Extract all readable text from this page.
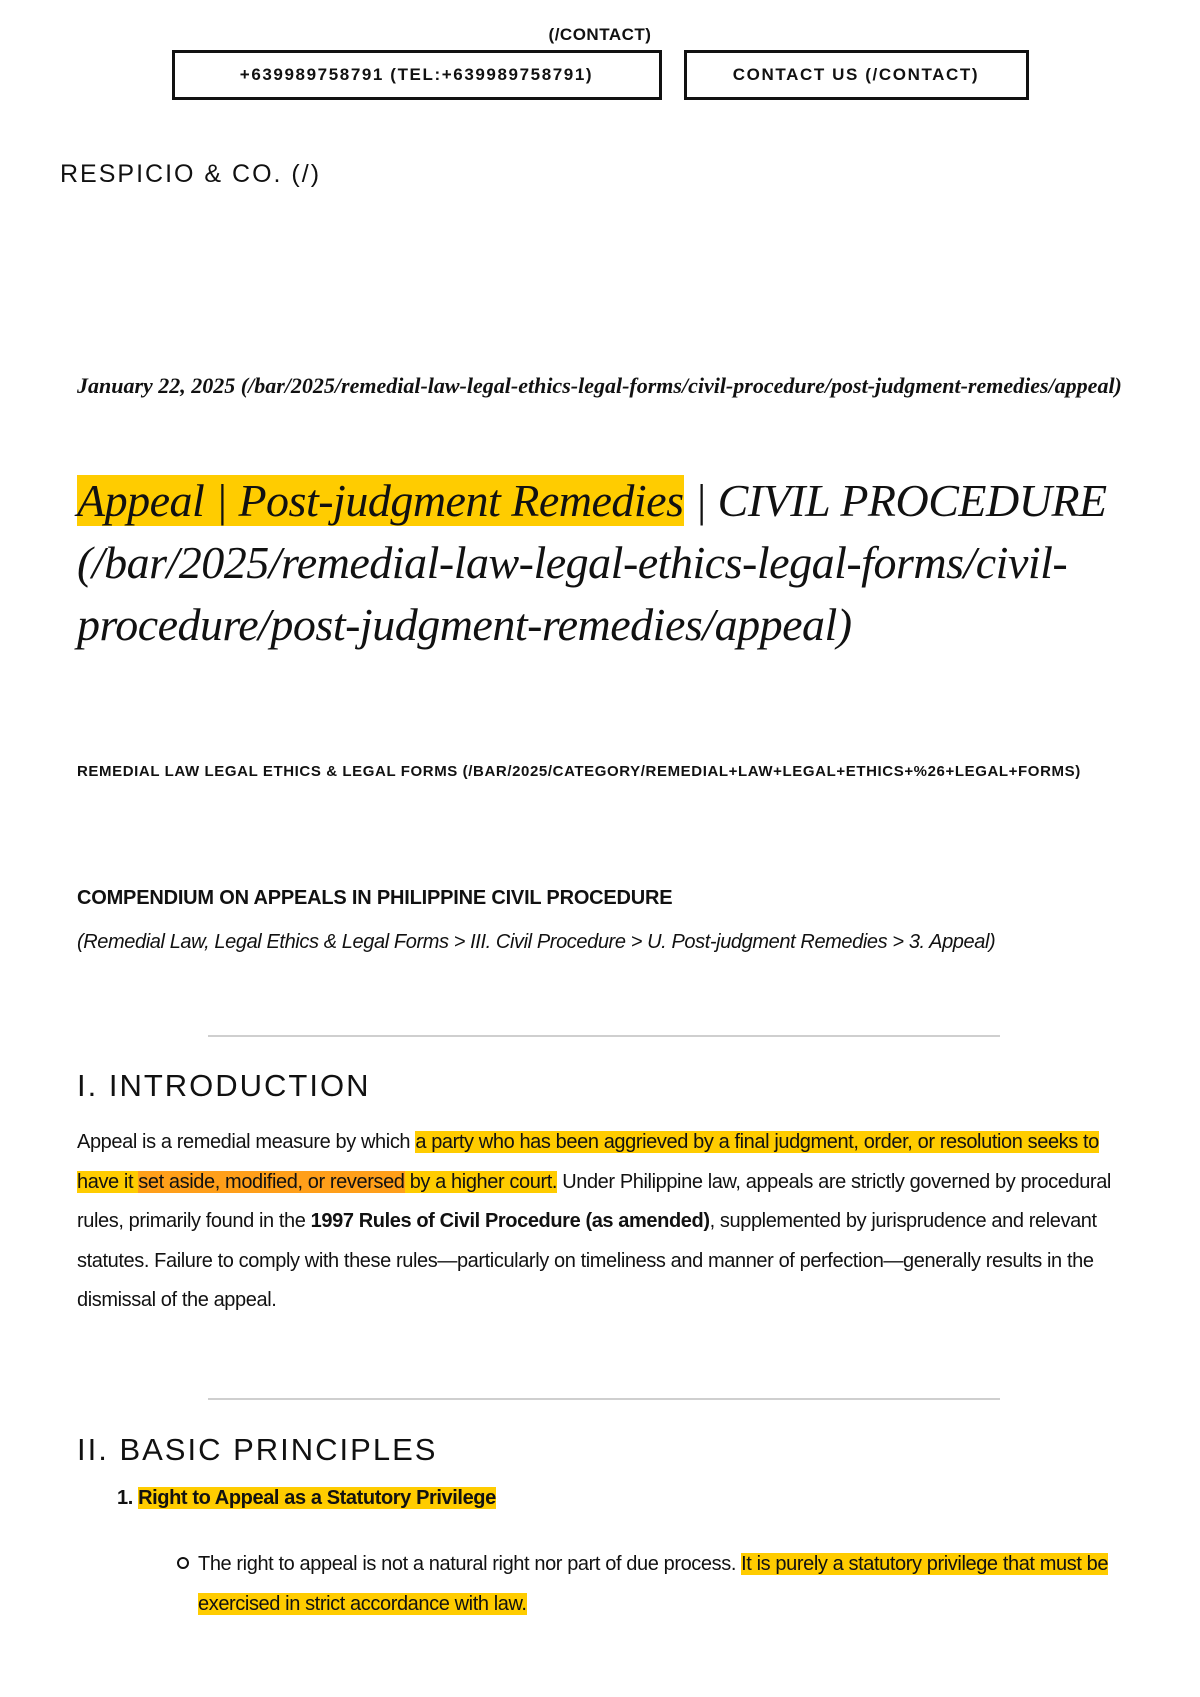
(/CONTACT)
+639989758791 (TEL:+639989758791)	CONTACT US (/CONTACT)
RESPICIO & CO. (/)
January 22, 2025 (/bar/2025/remedial-law-legal-ethics-legal-forms/civil-procedure/post-judgment-remedies/appeal)
Appeal | Post-judgment Remedies | CIVIL PROCEDURE (/bar/2025/remedial-law-legal-ethics-legal-forms/civil-procedure/post-judgment-remedies/appeal)
REMEDIAL LAW LEGAL ETHICS & LEGAL FORMS (/BAR/2025/CATEGORY/REMEDIAL+LAW+LEGAL+ETHICS+%26+LEGAL+FORMS)
COMPENDIUM ON APPEALS IN PHILIPPINE CIVIL PROCEDURE
(Remedial Law, Legal Ethics & Legal Forms > III. Civil Procedure > U. Post-judgment Remedies > 3. Appeal)
I. INTRODUCTION
Appeal is a remedial measure by which a party who has been aggrieved by a final judgment, order, or resolution seeks to have it set aside, modified, or reversed by a higher court. Under Philippine law, appeals are strictly governed by procedural rules, primarily found in the 1997 Rules of Civil Procedure (as amended), supplemented by jurisprudence and relevant statutes. Failure to comply with these rules—particularly on timeliness and manner of perfection—generally results in the dismissal of the appeal.
II. BASIC PRINCIPLES
1. Right to Appeal as a Statutory Privilege
The right to appeal is not a natural right nor part of due process. It is purely a statutory privilege that must be exercised in strict accordance with law.
